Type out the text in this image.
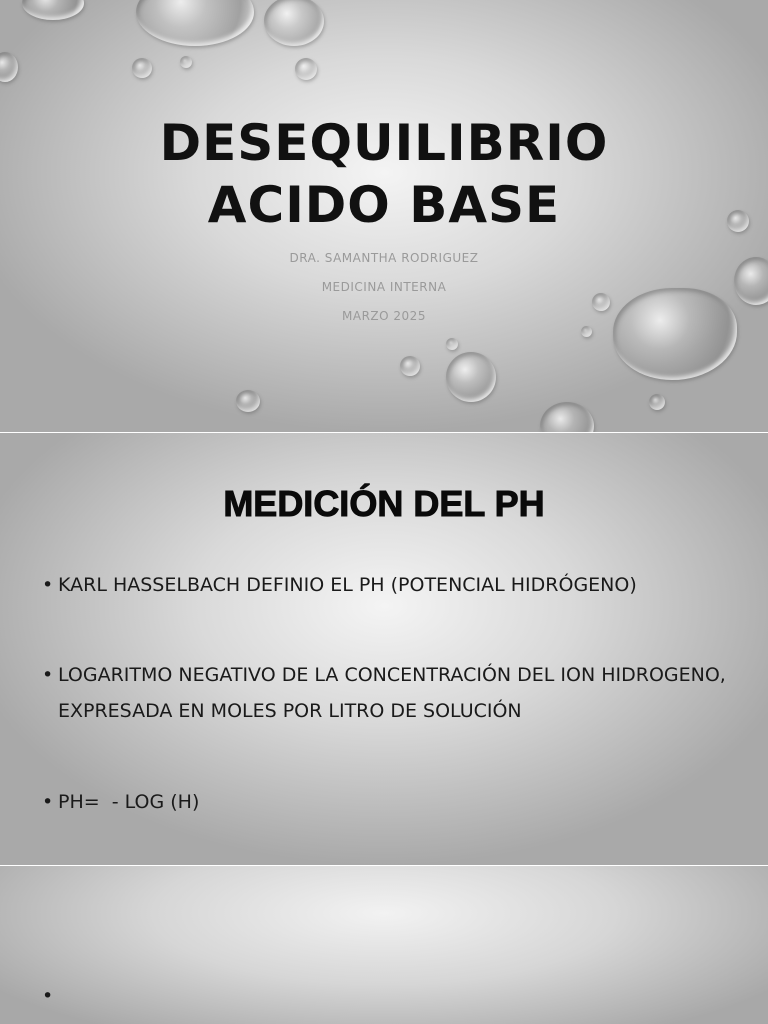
DESEQUILIBRIO
ACIDO BASE
DRA. SAMANTHA RODRIGUEZ
MEDICINA INTERNA
MARZO 2025
MEDICIÓN DEL PH
• KARL HASSELBACH DEFINIO EL PH (POTENCIAL HIDRÓGENO)
• LOGARITMO NEGATIVO DE LA CONCENTRACIÓN DEL ION HIDROGENO, EXPRESADA EN MOLES POR LITRO DE SOLUCIÓN
• PH=  - LOG (H)
•
